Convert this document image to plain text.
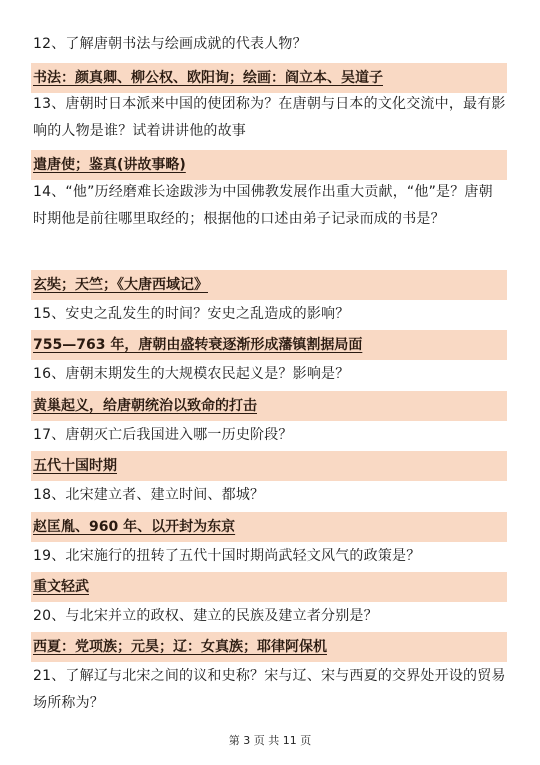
12、了解唐朝书法与绘画成就的代表人物？
书法：颜真卿、柳公权、欧阳询；绘画：阎立本、吴道子
13、唐朝时日本派来中国的使团称为？在唐朝与日本的文化交流中，最有影响的人物是谁？试着讲讲他的故事
遣唐使；鉴真(讲故事略)
14、“他”历经磨难长途跋涉为中国佛教发展作出重大贡献，“他”是？唐朝时期他是前往哪里取经的；根据他的口述由弟子记录而成的书是？
玄奘；天竺；《大唐西域记》
15、安史之乱发生的时间？安史之乱造成的影响？
755—763 年，唐朝由盛转衰逐渐形成藩镇割据局面
16、唐朝末期发生的大规模农民起义是？影响是？
黄巢起义，给唐朝统治以致命的打击
17、唐朝灭亡后我国进入哪一历史阶段？
五代十国时期
18、北宋建立者、建立时间、都城？
赵匡胤、960 年、以开封为东京
19、北宋施行的扭转了五代十国时期尚武轻文风气的政策是？
重文轻武
20、与北宋并立的政权、建立的民族及建立者分别是？
西夏：党项族；元昊；辽：女真族；耶律阿保机
21、了解辽与北宋之间的议和史称？宋与辽、宋与西夏的交界处开设的贸易场所称为？
第 3 页 共 11 页
